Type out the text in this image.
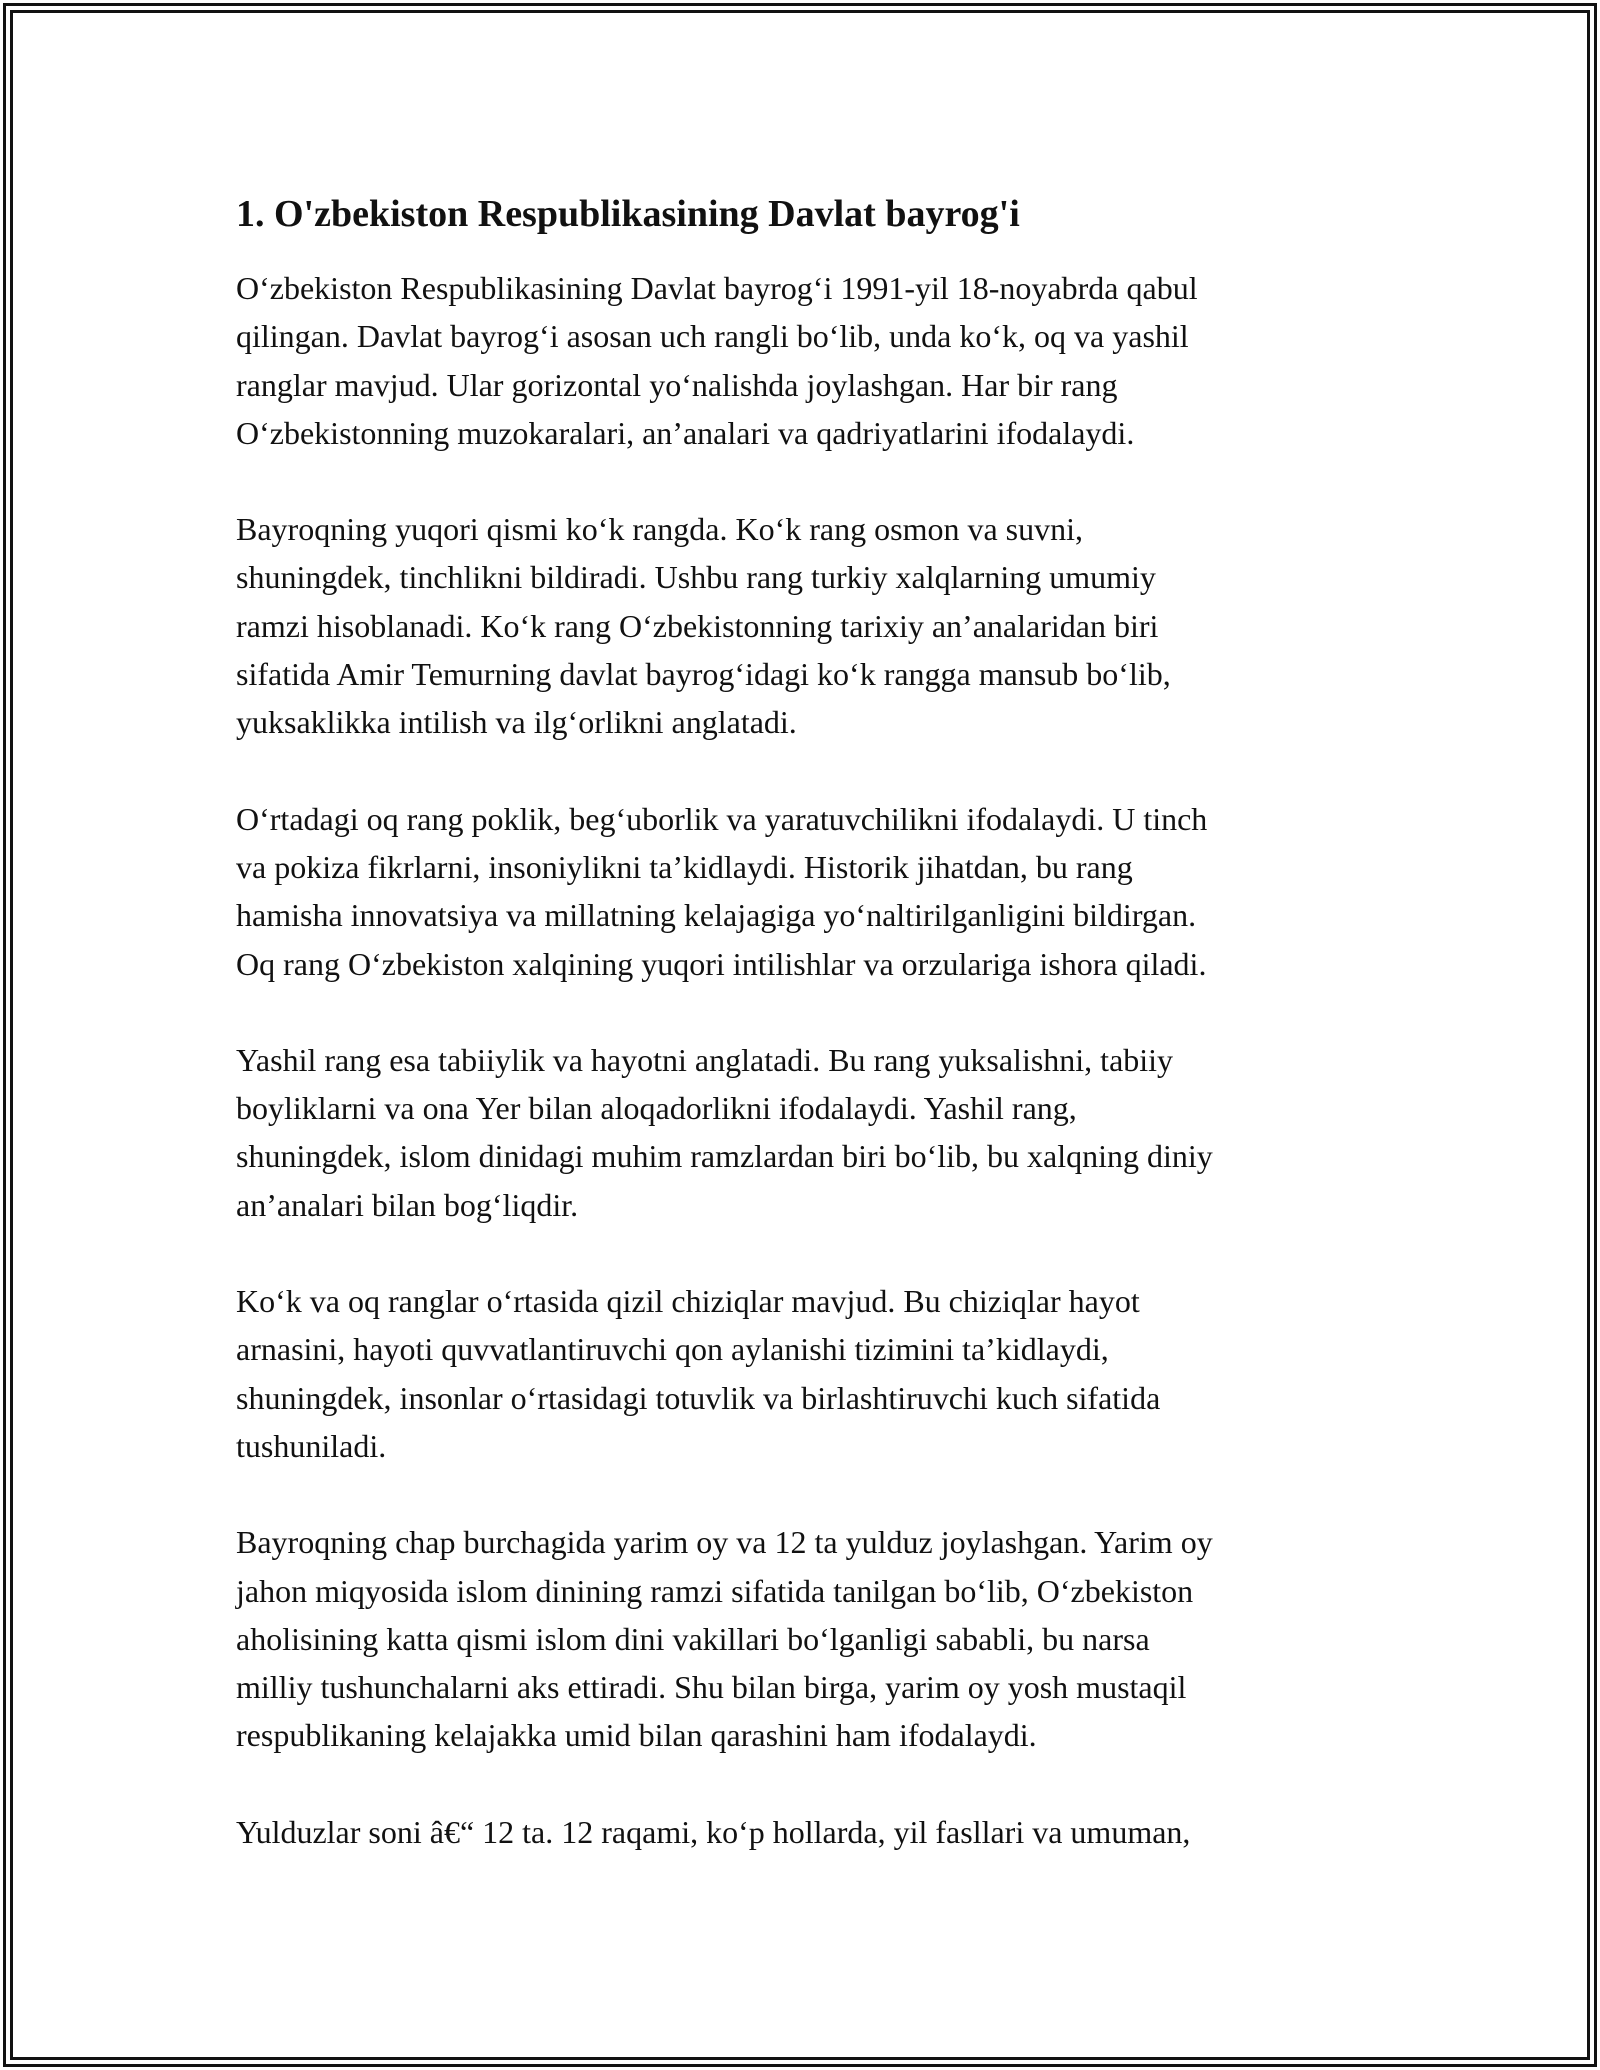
1. O'zbekiston Respublikasining Davlat bayrog'i
O‘zbekiston Respublikasining Davlat bayrog‘i 1991-yil 18-noyabrda qabul
qilingan. Davlat bayrog‘i asosan uch rangli bo‘lib, unda ko‘k, oq va yashil
ranglar mavjud. Ular gorizontal yo‘nalishda joylashgan. Har bir rang
O‘zbekistonning muzokaralari, an’analari va qadriyatlarini ifodalaydi.
Bayroqning yuqori qismi ko‘k rangda. Ko‘k rang osmon va suvni,
shuningdek, tinchlikni bildiradi. Ushbu rang turkiy xalqlarning umumiy
ramzi hisoblanadi. Ko‘k rang O‘zbekistonning tarixiy an’analaridan biri
sifatida Amir Temurning davlat bayrog‘idagi ko‘k rangga mansub bo‘lib,
yuksaklikka intilish va ilg‘orlikni anglatadi.
O‘rtadagi oq rang poklik, beg‘uborlik va yaratuvchilikni ifodalaydi. U tinch
va pokiza fikrlarni, insoniylikni ta’kidlaydi. Historik jihatdan, bu rang
hamisha innovatsiya va millatning kelajagiga yo‘naltirilganligini bildirgan.
Oq rang O‘zbekiston xalqining yuqori intilishlar va orzulariga ishora qiladi.
Yashil rang esa tabiiylik va hayotni anglatadi. Bu rang yuksalishni, tabiiy
boyliklarni va ona Yer bilan aloqadorlikni ifodalaydi. Yashil rang,
shuningdek, islom dinidagi muhim ramzlardan biri bo‘lib, bu xalqning diniy
an’analari bilan bog‘liqdir.
Ko‘k va oq ranglar o‘rtasida qizil chiziqlar mavjud. Bu chiziqlar hayot
arnasini, hayoti quvvatlantiruvchi qon aylanishi tizimini ta’kidlaydi,
shuningdek, insonlar o‘rtasidagi totuvlik va birlashtiruvchi kuch sifatida
tushuniladi.
Bayroqning chap burchagida yarim oy va 12 ta yulduz joylashgan. Yarim oy
jahon miqyosida islom dinining ramzi sifatida tanilgan bo‘lib, O‘zbekiston
aholisining katta qismi islom dini vakillari bo‘lganligi sababli, bu narsa
milliy tushunchalarni aks ettiradi. Shu bilan birga, yarim oy yosh mustaqil
respublikaning kelajakka umid bilan qarashini ham ifodalaydi.
Yulduzlar soni â€“ 12 ta. 12 raqami, ko‘p hollarda, yil fasllari va umuman,
